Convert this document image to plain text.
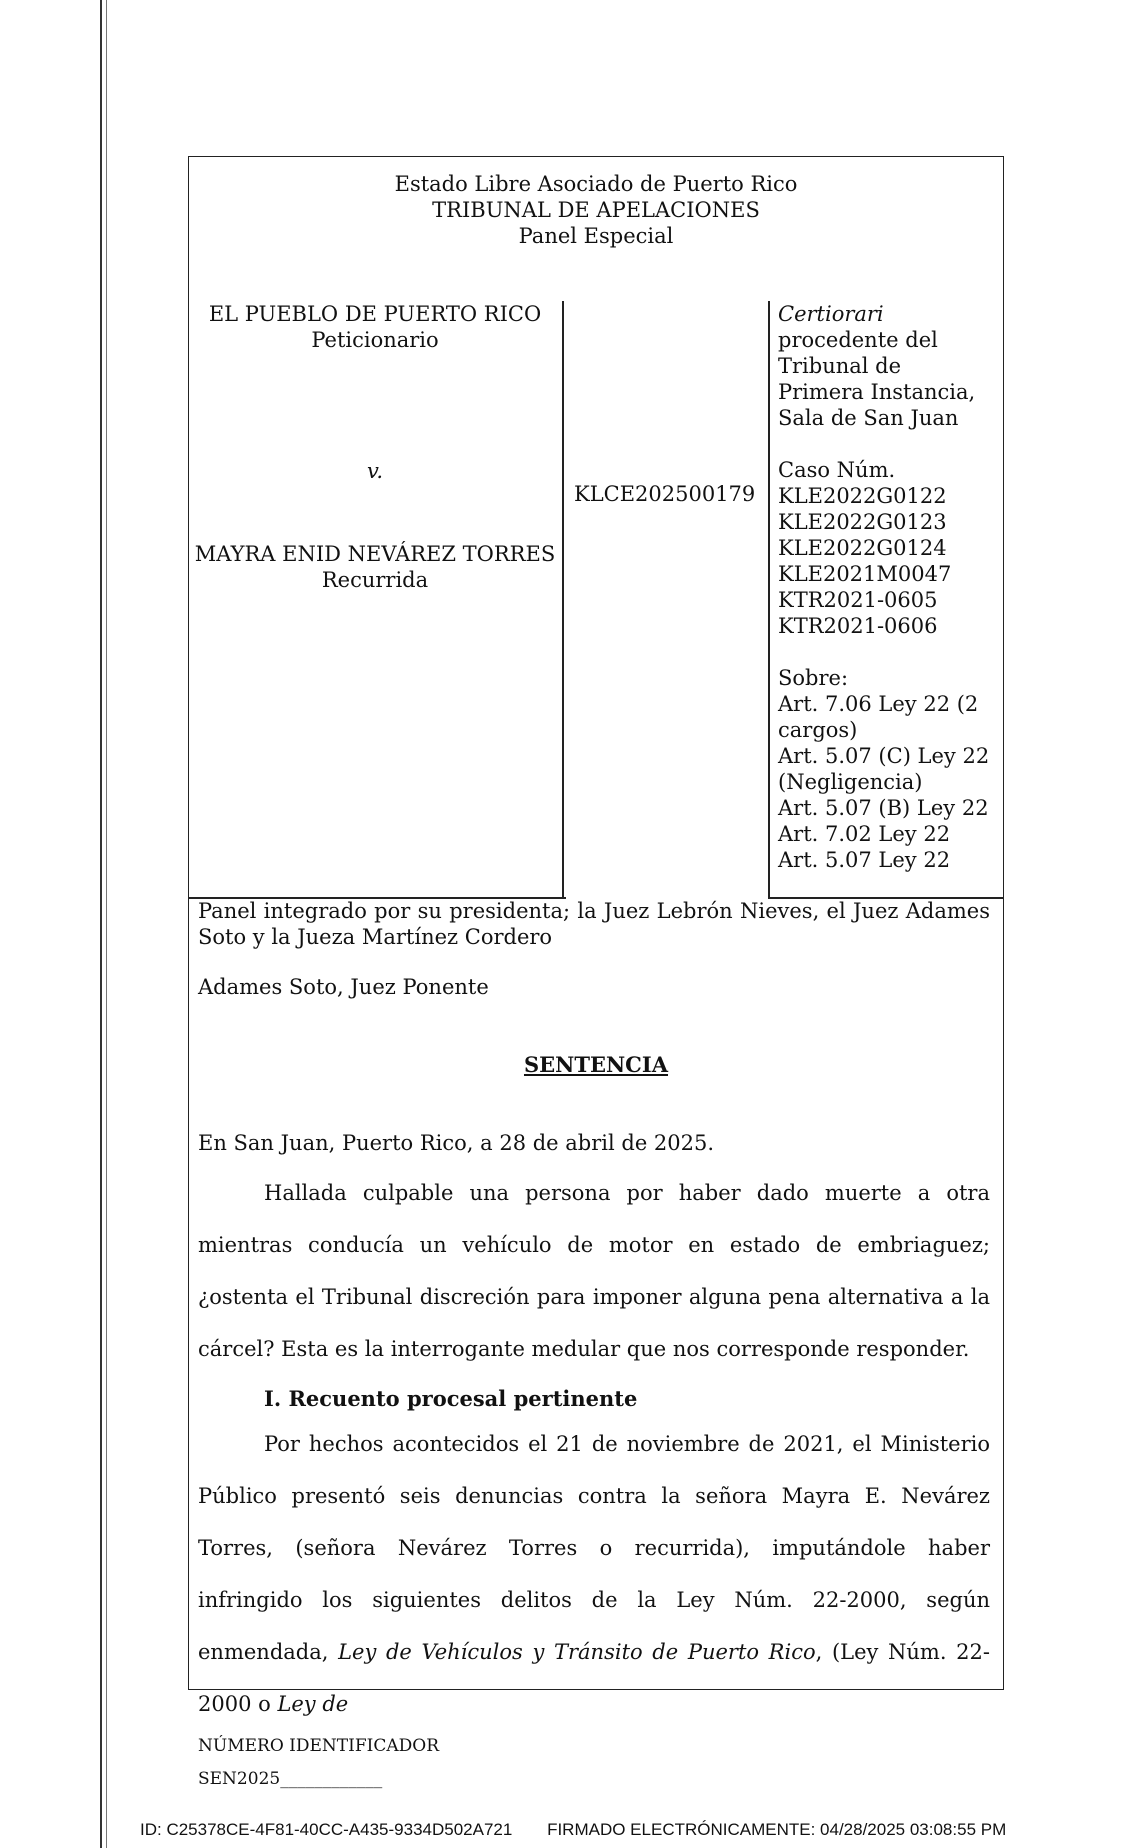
Estado Libre Asociado de Puerto Rico
TRIBUNAL DE APELACIONES
Panel Especial
EL PUEBLO DE PUERTO RICO
Peticionario
v.
MAYRA ENID NEVÁREZ TORRES
Recurrida
KLCE202500179
Certiorari
procedente del
Tribunal de
Primera Instancia,
Sala de San Juan
Caso Núm.
KLE2022G0122
KLE2022G0123
KLE2022G0124
KLE2021M0047
KTR2021-0605
KTR2021-0606
Sobre:
Art. 7.06 Ley 22 (2
cargos)
Art. 5.07 (C) Ley 22
(Negligencia)
Art. 5.07 (B) Ley 22
Art. 7.02 Ley 22
Art. 5.07 Ley 22
Panel integrado por su presidenta; la Juez Lebrón Nieves, el Juez Adames Soto y la Jueza Martínez Cordero
Adames Soto, Juez Ponente
SENTENCIA
En San Juan, Puerto Rico, a 28 de abril de 2025.
Hallada culpable una persona por haber dado muerte a otra mientras conducía un vehículo de motor en estado de embriaguez; ¿ostenta el Tribunal discreción para imponer alguna pena alternativa a la cárcel? Esta es la interrogante medular que nos corresponde responder.
I. Recuento procesal pertinente
Por hechos acontecidos el 21 de noviembre de 2021, el Ministerio Público presentó seis denuncias contra la señora Mayra E. Nevárez Torres, (señora Nevárez Torres o recurrida), imputándole haber infringido los siguientes delitos de la Ley Núm. 22-2000, según enmendada, Ley de Vehículos y Tránsito de Puerto Rico, (Ley Núm. 22-2000 o Ley de
NÚMERO IDENTIFICADOR
SEN2025____________
ID: C25378CE-4F81-40CC-A435-9334D502A721 FIRMADO ELECTRÓNICAMENTE: 04/28/2025 03:08:55 PM
